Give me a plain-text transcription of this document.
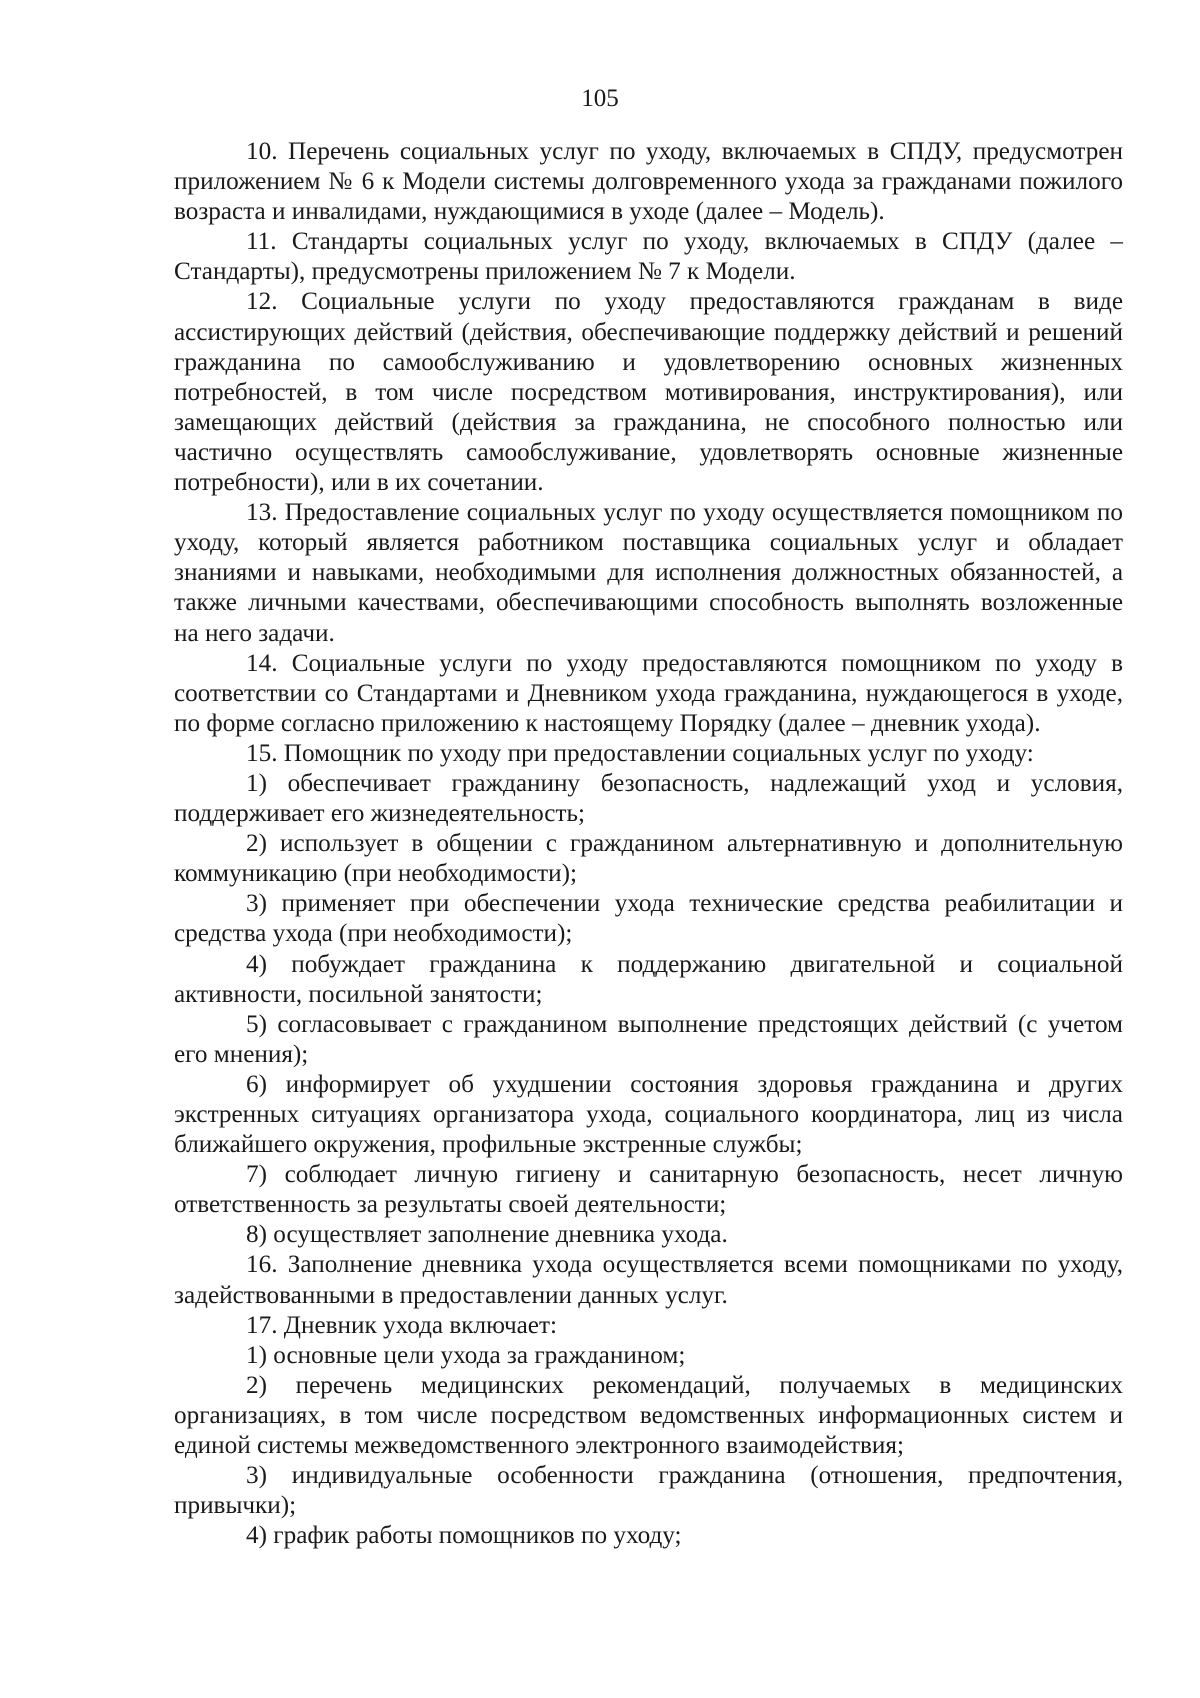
105

10. Перечень социальных услуг по уходу, включаемых в СПДУ, предусмотрен приложением № 6 к Модели системы долговременного ухода за гражданами пожилого возраста и инвалидами, нуждающимися в уходе (далее – Модель).

11. Стандарты социальных услуг по уходу, включаемых в СПДУ (далее – Стандарты), предусмотрены приложением № 7 к Модели.

12. Социальные услуги по уходу предоставляются гражданам в виде ассистирующих действий (действия, обеспечивающие поддержку действий и решений гражданина по самообслуживанию и удовлетворению основных жизненных потребностей, в том числе посредством мотивирования, инструктирования), или замещающих действий (действия за гражданина, не способного полностью или частично осуществлять самообслуживание, удовлетворять основные жизненные потребности), или в их сочетании.

13. Предоставление социальных услуг по уходу осуществляется помощником по уходу, который является работником поставщика социальных услуг и обладает знаниями и навыками, необходимыми для исполнения должностных обязанностей, а также личными качествами, обеспечивающими способность выполнять возложенные на него задачи.

14. Социальные услуги по уходу предоставляются помощником по уходу в соответствии со Стандартами и Дневником ухода гражданина, нуждающегося в уходе, по форме согласно приложению к настоящему Порядку (далее – дневник ухода).

15. Помощник по уходу при предоставлении социальных услуг по уходу:

1) обеспечивает гражданину безопасность, надлежащий уход и условия, поддерживает его жизнедеятельность;

2) использует в общении с гражданином альтернативную и дополнительную коммуникацию (при необходимости);

3) применяет при обеспечении ухода технические средства реабилитации и средства ухода (при необходимости);

4) побуждает гражданина к поддержанию двигательной и социальной активности, посильной занятости;

5) согласовывает с гражданином выполнение предстоящих действий (с учетом его мнения);

6) информирует об ухудшении состояния здоровья гражданина и других экстренных ситуациях организатора ухода, социального координатора, лиц из числа ближайшего окружения, профильные экстренные службы;

7) соблюдает личную гигиену и санитарную безопасность, несет личную ответственность за результаты своей деятельности;

8) осуществляет заполнение дневника ухода.

16. Заполнение дневника ухода осуществляется всеми помощниками по уходу, задействованными в предоставлении данных услуг.

17. Дневник ухода включает:

1) основные цели ухода за гражданином;

2) перечень медицинских рекомендаций, получаемых в медицинских организациях, в том числе посредством ведомственных информационных систем и единой системы межведомственного электронного взаимодействия;

3) индивидуальные особенности гражданина (отношения, предпочтения, привычки);

4) график работы помощников по уходу;
